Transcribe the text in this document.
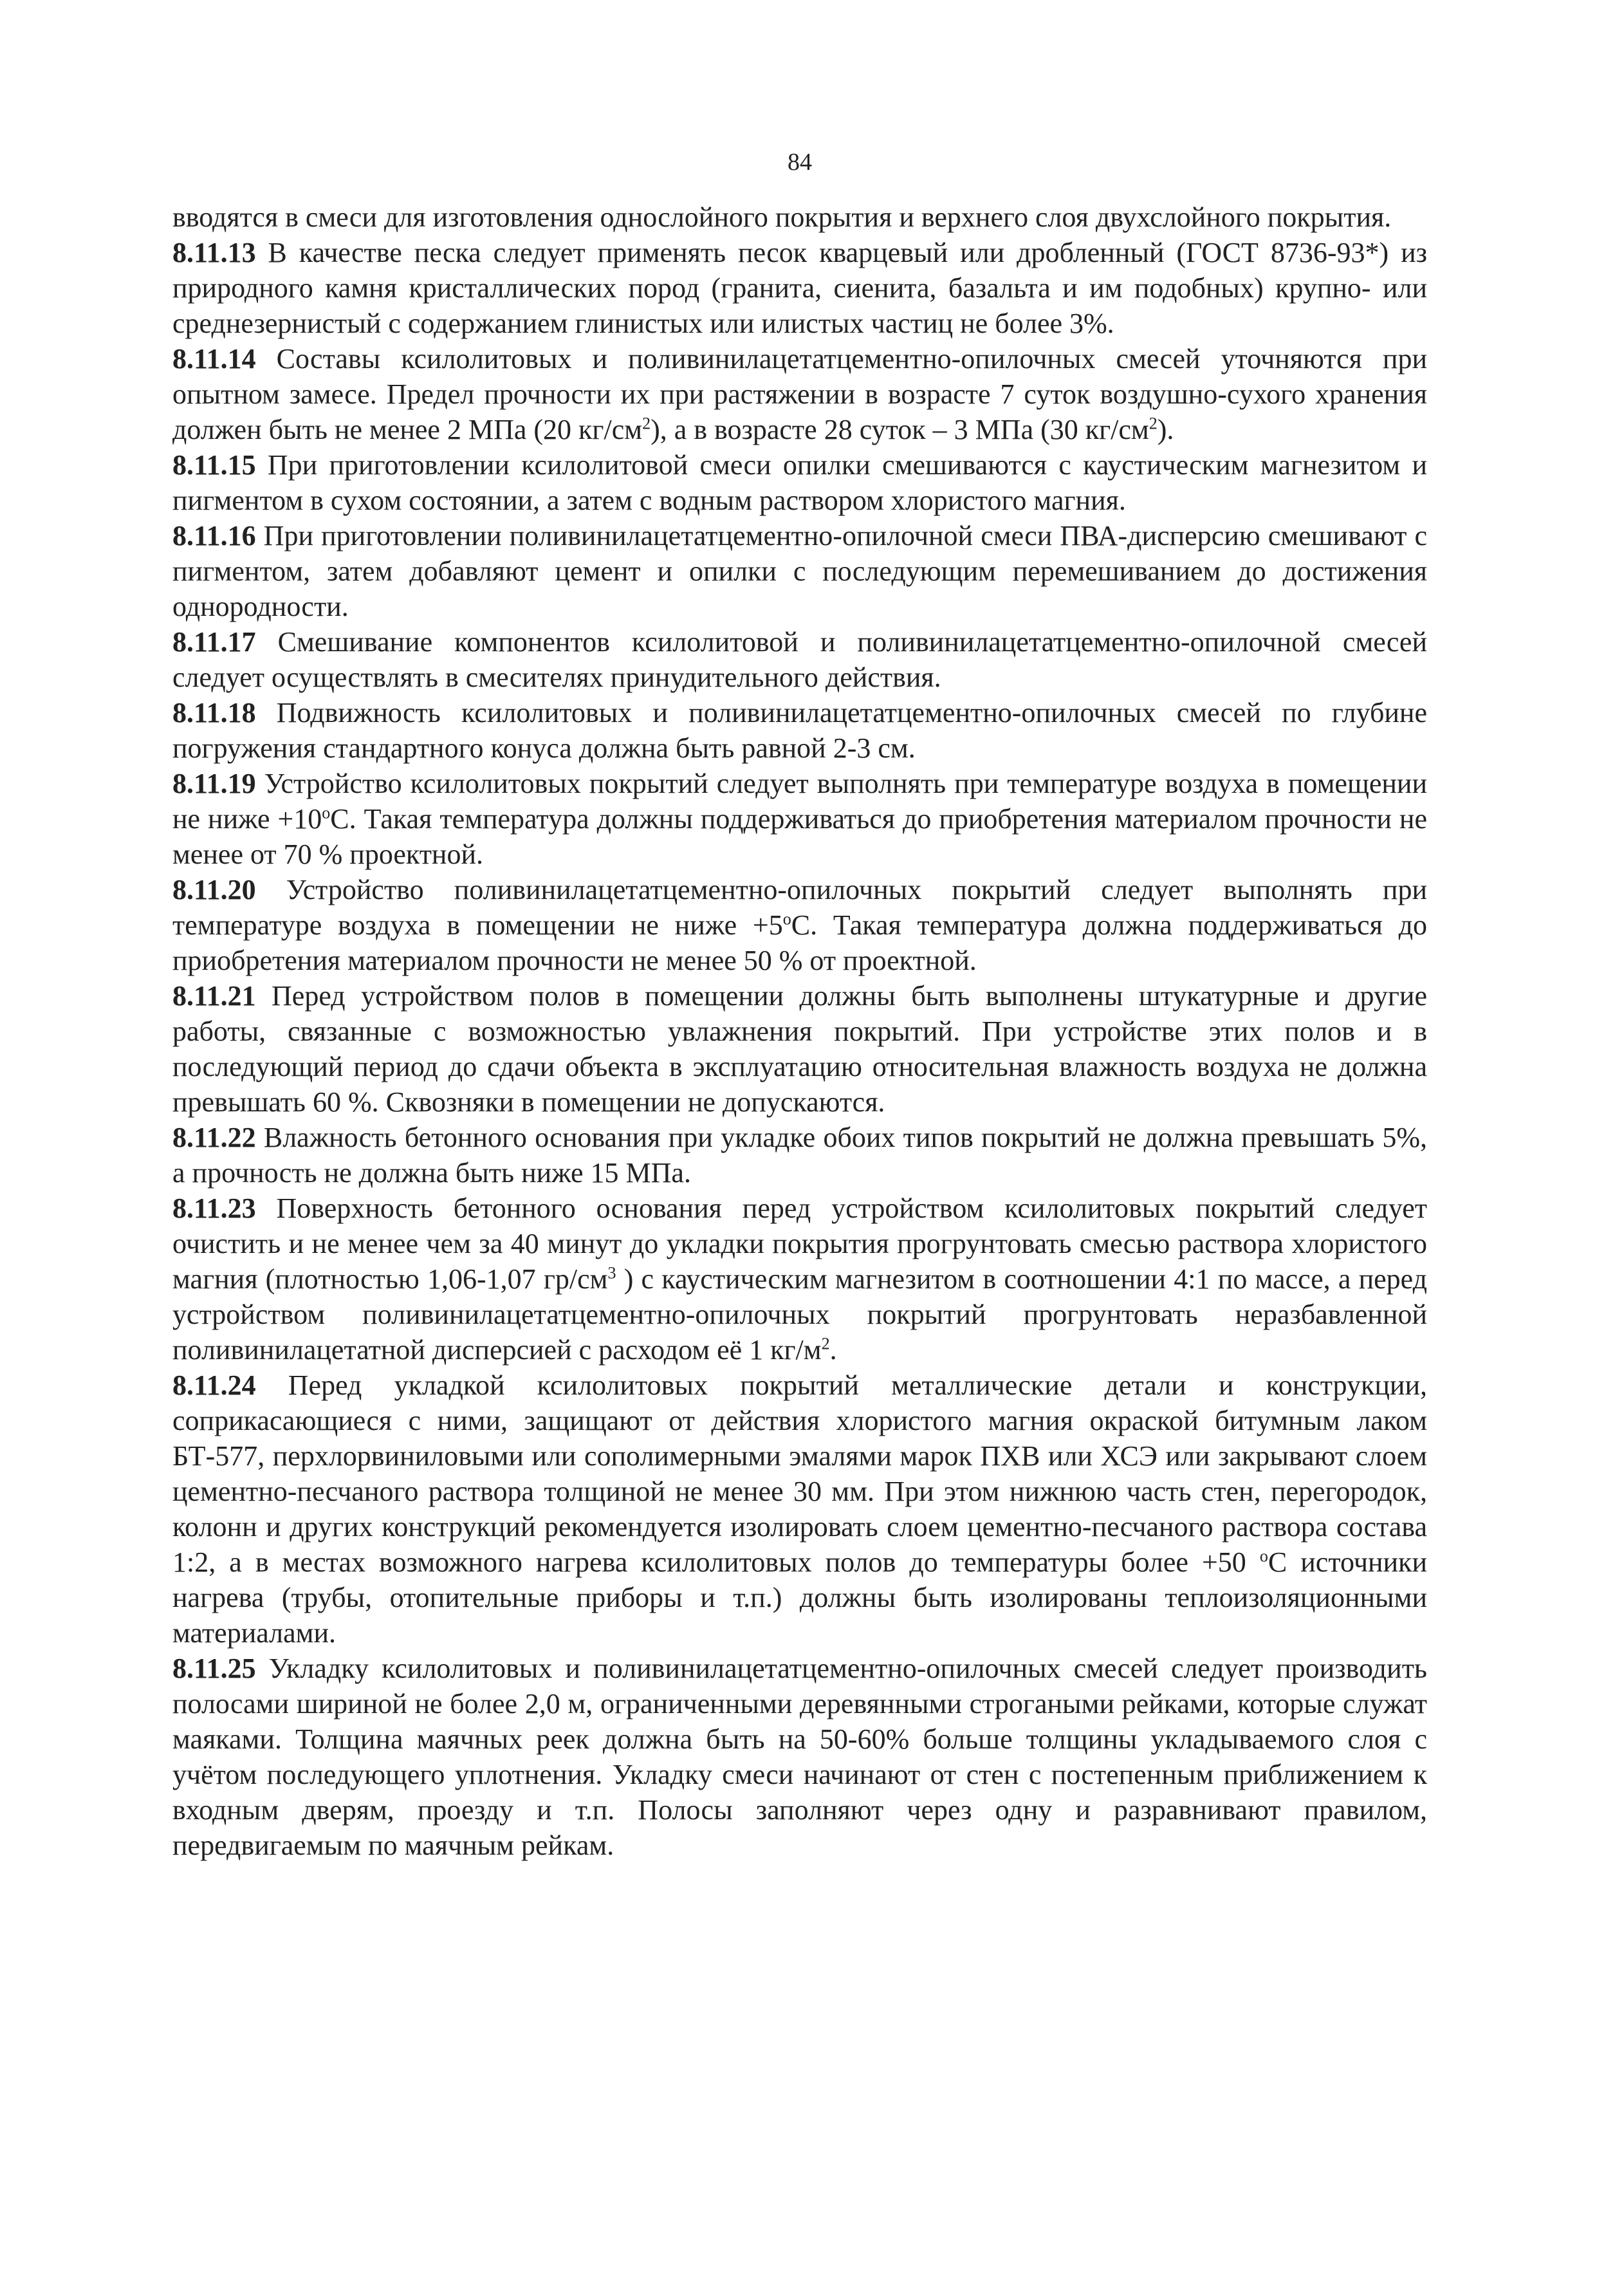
84

вводятся в смеси для изготовления однослойного покрытия и верхнего слоя двухслойного покрытия.

8.11.13 В качестве песка следует применять песок кварцевый или дробленный (ГОСТ 8736-93*) из природного камня кристаллических пород (гранита, сиенита, базальта и им подобных) крупно- или среднезернистый с содержанием глинистых или илистых частиц не более 3%.

8.11.14 Составы ксилолитовых и поливинилацетатцементно-опилочных смесей уточняются при опытном замесе. Предел прочности их при растяжении в возрасте 7 суток воздушно-сухого хранения должен быть не менее 2 МПа (20 $кг/см^2$), а в возрасте 28 суток – 3 МПа (30 $кг/см^2$).

8.11.15 При приготовлении ксилолитовой смеси опилки смешиваются с каустическим магнезитом и пигментом в сухом состоянии, а затем с водным раствором хлористого магния.

8.11.16 При приготовлении поливинилацетатцементно-опилочной смеси ПВА-дисперсию смешивают с пигментом, затем добавляют цемент и опилки с последующим перемешиванием до достижения однородности.

8.11.17 Смешивание компонентов ксилолитовой и поливинилацетатцементно-опилочной смесей следует осуществлять в смесителях принудительного действия.

8.11.18 Подвижность ксилолитовых и поливинилацетатцементно-опилочных смесей по глубине погружения стандартного конуса должна быть равной 2-3 см.

8.11.19 Устройство ксилолитовых покрытий следует выполнять при температуре воздуха в помещении не ниже $+10^оС$. Такая температура должны поддерживаться до приобретения материалом прочности не менее от 70 % проектной.

8.11.20 Устройство поливинилацетатцементно-опилочных покрытий следует выполнять при температуре воздуха в помещении не ниже $+5^оС$. Такая температура должна поддерживаться до приобретения материалом прочности не менее 50 % от проектной.

8.11.21 Перед устройством полов в помещении должны быть выполнены штукатурные и другие работы, связанные с возможностью увлажнения покрытий. При устройстве этих полов и в последующий период до сдачи объекта в эксплуатацию относительная влажность воздуха не должна превышать 60 %. Сквозняки в помещении не допускаются.

8.11.22 Влажность бетонного основания при укладке обоих типов покрытий не должна превышать 5%, а прочность не должна быть ниже 15 МПа.

8.11.23 Поверхность бетонного основания перед устройством ксилолитовых покрытий следует очистить и не менее чем за 40 минут до укладки покрытия прогрунтовать смесью раствора хлористого магния (плотностью 1,06-1,07 $гр/см^3$ ) с каустическим магнезитом в соотношении 4:1 по массе, а перед устройством поливинилацетатцементно-опилочных покрытий прогрунтовать неразбавленной поливинилацетатной дисперсией с расходом её 1 $кг/м^2$.

8.11.24 Перед укладкой ксилолитовых покрытий металлические детали и конструкции, соприкасающиеся с ними, защищают от действия хлористого магния окраской битумным лаком БТ-577, перхлорвиниловыми или сополимерными эмалями марок ПХВ или ХСЭ или закрывают слоем цементно-песчаного раствора толщиной не менее 30 мм. При этом нижнюю часть стен, перегородок, колонн и других конструкций рекомендуется изолировать слоем цементно-песчаного раствора состава 1:2, а в местах возможного нагрева ксилолитовых полов до температуры более +50 $^о$С источники нагрева (трубы, отопительные приборы и т.п.) должны быть изолированы теплоизоляционными материалами.

8.11.25 Укладку ксилолитовых и поливинилацетатцементно-опилочных смесей следует производить полосами шириной не более 2,0 м, ограниченными деревянными строгаными рейками, которые служат маяками. Толщина маячных реек должна быть на 50-60% больше толщины укладываемого слоя с учётом последующего уплотнения. Укладку смеси начинают от стен с постепенным приближением к входным дверям, проезду и т.п. Полосы заполняют через одну и разравнивают правилом, передвигаемым по маячным рейкам.
